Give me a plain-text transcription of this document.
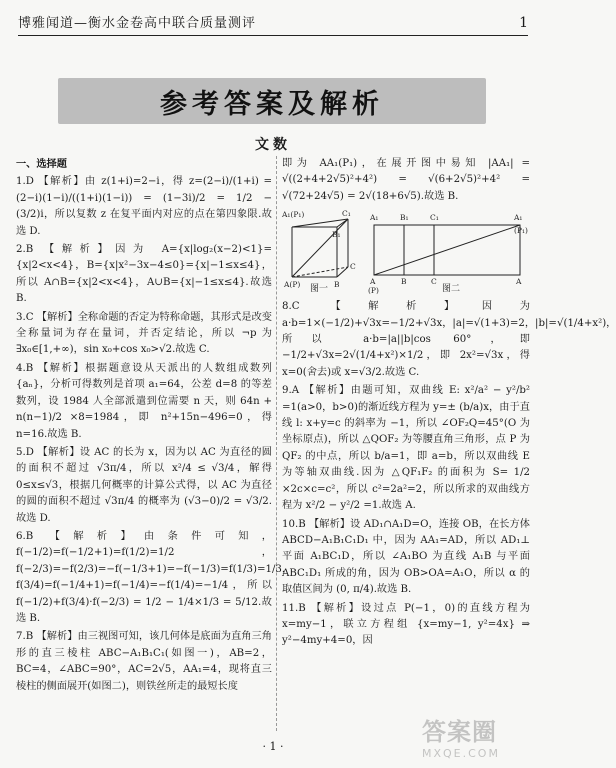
博雅闻道—衡水金卷高中联合质量测评	1
参考答案及解析
文数

一、选择题

1.D 【解析】由 z(1+i)=2−i，得 z=(2−i)/(1+i) = (2−i)(1−i)/((1+i)(1−i)) = (1−3i)/2 = 1/2 − (3/2)i，所以复数 z 在复平面内对应的点在第四象限.故选 D.

2.B 【解析】因为 A={x|log₂(x−2)<1}={x|2<x<4}，B={x|x²−3x−4≤0}={x|−1≤x≤4}，所以 A∩B={x|2<x<4}，A∪B={x|−1≤x≤4}.故选 B.

3.C 【解析】全称命题的否定为特称命题，其形式是改变全称量词为存在量词，并否定结论，所以 ¬p 为 ∃x₀∈[1,+∞)，sin x₀+cos x₀>√2.故选 C.

4.B 【解析】根据题意设从天派出的人数组成数列 {aₙ}，分析可得数列是首项 a₁=64，公差 d=8 的等差数列，设 1984 人全部派遣到位需要 n 天，则 64n + n(n−1)/2 ×8=1984，即 n²+15n−496=0，得 n=16.故选 B.

5.D 【解析】设 AC 的长为 x，因为以 AC 为直径的圆的面积不超过 √3π/4，所以 x²/4 ≤ √3/4，解得 0≤x≤√3，根据几何概率的计算公式得，以 AC 为直径的圆的面积不超过 √3π/4 的概率为 (√3−0)/2 = √3/2.故选 D.

6.B 【解析】由条件可知，f(−1/2)=f(−1/2+1)=f(1/2)=1/2 ，f(−2/3)=−f(2/3)=−f(−1/3+1)=−f(−1/3)=f(1/3)=1/3，f(3/4)=f(−1/4+1)=f(−1/4)=−f(1/4)=−1/4，所以 f(−1/2)+f(3/4)·f(−2/3) = 1/2 − 1/4×1/3 = 5/12.故选 B.

7.B 【解析】由三视图可知，该几何体是底面为直角三角形的直三棱柱 ABC−A₁B₁C₁(如图一)，AB=2，BC=4，∠ABC=90°，AC=2√5，AA₁=4，现将直三棱柱的侧面展开(如图二)，则铁丝所走的最短长度

即为 AA₁(P₁)，在展开图中易知 |AA₁| = √((2+4+2√5)²+4²) = √(6+2√5)²+4² = √(72+24√5) = 2√(18+6√5).故选 B.

A₁(P₁)	C₁
B₁
C
A(P)	B
A₁	B₁	C₁	A₁
(P₁)
A
(P)
B	C	A
图一	图二

8.C 【解析】因为 a·b=1×(−1/2)+√3x=−1/2+√3x，|a|=√(1+3)=2，|b|=√(1/4+x²)，所以 a·b=|a||b|cos 60°，即 −1/2+√3x=2√(1/4+x²)×1/2，即 2x²=√3x，得 x=0(舍去)或 x=√3/2.故选 C.

9.A 【解析】由题可知，双曲线 E: x²/a² − y²/b² =1(a>0，b>0)的渐近线方程为 y=± (b/a)x，由于直线 l: x+y=c 的斜率为 −1，所以 ∠OF₂Q=45°(O 为坐标原点)，所以 △QOF₂ 为等腰直角三角形，点 P 为 QF₂ 的中点，所以 b/a=1，即 a=b，所以双曲线 E 为等轴双曲线.因为 △QF₁F₂ 的面积为 S= 1/2 ×2c×c=c²，所以 c²=2a²=2，所以所求的双曲线方程为 x²/2 − y²/2 =1.故选 A.

10.B 【解析】设 AD₁∩A₁D=O，连接 OB，在长方体 ABCD−A₁B₁C₁D₁ 中，因为 AA₁=AD，所以 AD₁⊥平面 A₁BC₁D，所以 ∠A₁BO 为直线 A₁B 与平面 ABC₁D₁ 所成的角，因为 OB>OA=A₁O，所以 α 的取值区间为 (0, π/4).故选 B.

11.B 【解析】设过点 P(−1，0)的直线方程为 x=my−1，联立方程组 {x=my−1, y²=4x} ⇒ y²−4my+4=0，因

· 1 ·
答案圈
MXQE.COM
